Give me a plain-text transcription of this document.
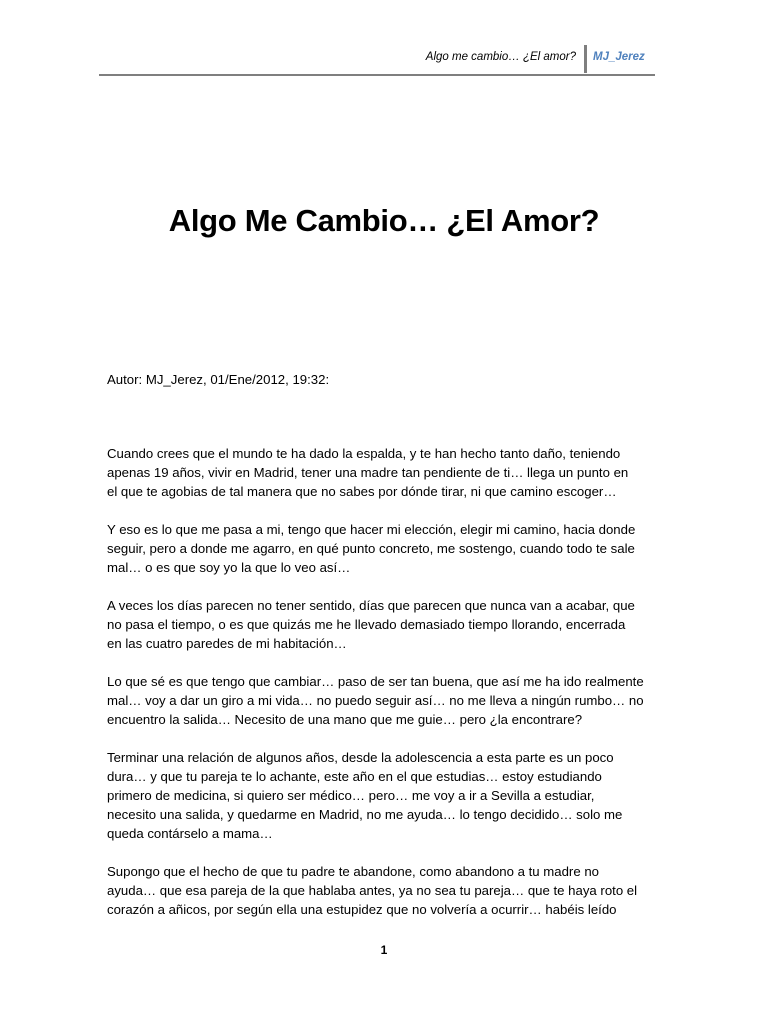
Algo me cambio… ¿El amor? MJ_Jerez
Algo Me Cambio… ¿El Amor?
Autor: MJ_Jerez, 01/Ene/2012, 19:32:
Cuando crees que el mundo te ha dado la espalda, y te han hecho tanto daño, teniendo
apenas 19 años, vivir en Madrid, tener una madre tan pendiente de ti… llega un punto en
el que te agobias de tal manera que no sabes por dónde tirar, ni que camino escoger…
Y eso es lo que me pasa a mi, tengo que hacer mi elección, elegir mi camino, hacia donde
seguir, pero a donde me agarro, en qué punto concreto, me sostengo, cuando todo te sale
mal… o es que soy yo la que lo veo así…
A veces los días parecen no tener sentido, días que parecen que nunca van a acabar, que
no pasa el tiempo, o es que quizás me he llevado demasiado tiempo llorando, encerrada
en las cuatro paredes de mi habitación…
Lo que sé es que tengo que cambiar… paso de ser tan buena, que así me ha ido realmente
mal… voy a dar un giro a mi vida… no puedo seguir así… no me lleva a ningún rumbo… no
encuentro la salida… Necesito de una mano que me guie… pero ¿la encontrare?
Terminar una relación de algunos años, desde la adolescencia a esta parte es un poco
dura… y que tu pareja te lo achante, este año en el que estudias… estoy estudiando
primero de medicina, si quiero ser médico… pero… me voy a ir a Sevilla a estudiar,
necesito una salida, y quedarme en Madrid, no me ayuda… lo tengo decidido… solo me
queda contárselo a mama…
Supongo que el hecho de que tu padre te abandone, como abandono a tu madre no
ayuda… que esa pareja de la que hablaba antes, ya no sea tu pareja… que te haya roto el
corazón a añicos, por según ella una estupidez que no volvería a ocurrir… habéis leído
1
